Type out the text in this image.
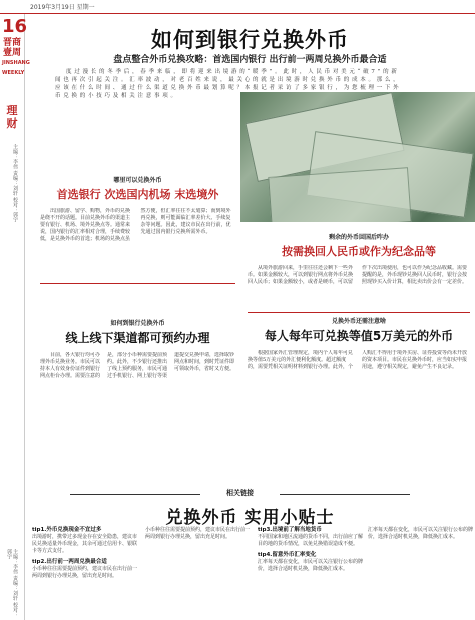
2019年3月19日 星期一
16
晋商 壹周
JINSHANG WEEKLY
理财
主编：李伟 责编：刘轩 校对：郭宇
主编：李伟 责编：刘轩 校对：郭宇
如何到银行兑换外币
盘点整合外币兑换攻略：首选国内银行 出行前一两周兑换外币最合适
度 过 漫 长 的 冬 季 后 ， 春 季 来 临 ， 即 将 迎 来 出 境 游 的 “ 暖 季 ” 。 此 时 ， 人 民 币 对 美 元 “ 破 7 ” 的 新 闻 也 再 次 引 起 关 注 。 汇 率 波 动 ， 对 老 百 姓 来 说 ， 最 关 心 的 就 是 出 境 游 时 兑 换 外 币 的 成 本 。 那 么 ， 应 该 在 什 么 时 间 、 通 过 什 么 渠 道 兑 换 外 币 最 划 算 呢 ？ 本 报 记 者 采 访 了 多 家 银 行 ， 为 您 梳 理 一 下 外 币 兑 换 的 小 技 巧 及 相 关 注 意 事 项 。
哪里可以兑换外币
首选银行 次选国内机场 末选境外
出国旅游、留学、购物，外币的兑换是绕不开的话题。目前兑换外币的渠道主要有银行、机场、境外兑换点等。通常来说，国内银行的汇率相对合理，手续费较低，是兑换外币的首选；机场的兑换点虽然方便，但汇率往往不太划算；而到境外再兑换，则可能面临汇率差价大、手续复杂等问题。因此，建议市民在出行前，优先通过国内银行兑换所需外币。
如何到银行兑换外币
线上线下渠道都可预约办理
目前，各大银行均可办理外币兑换业务。市民可以持本人有效身份证件到银行网点柜台办理。需要注意的是，部分小币种需要提前预约。此外，不少银行还推出了线上预约服务，市民可通过手机银行、网上银行等渠道提交兑换申请，选择取钞网点和时间，到时凭证件即可领取外币，省时又方便。
剩余的外币回国后咋办
按需换回人民币或作为纪念品等
从境外旅游回来，手里往往还会剩下一些外币。如果金额较大，可以到银行网点将外币兑换回人民币；如果金额较小，或者是硬币，可以留作下次出境使用，也可以作为纪念品收藏。需要提醒的是，外币现钞兑换回人民币时，银行会按照现钞买入价计算，相比卖出价会有一定差价。
兑换外币还需注意啥
每人每年可兑换等值5万美元的外币
根据国家外汇管理规定，境内个人每年可兑换等值5万美元的外汇便利化额度。超过额度的，需要凭相关证明材料到银行办理。此外，个人购汇不得用于境外买房、证券投资等尚未开放的资本项目。市民在兑换外币时，应当如实申报用途，遵守相关规定，避免产生不良记录。
相关链接
兑换外币 实用小贴士
tip1.外币兑换现金不宜过多
出境游时，携带过多现金存在安全隐患，建议市民兑换适量外币现金，其余可通过信用卡、银联卡等方式支付。
tip2.出行前一两周兑换最合适
小币种往往需要提前预约，建议市民在出行前一两周到银行办理兑换，留出充足时间。
小币种往往需要提前预约，建议市民在出行前一两周到银行办理兑换，留出充足时间。
tip3.出境前了解当地货币
不同国家和地区流通的货币不同，出行前应了解目的地的货币情况，以免兑换错误造成不便。
tip4.留意外币汇率变化
汇率每天都在变化，市民可以关注银行公布的牌价，选择合适时机兑换，降低换汇成本。
汇率每天都在变化，市民可以关注银行公布的牌价，选择合适时机兑换，降低换汇成本。
